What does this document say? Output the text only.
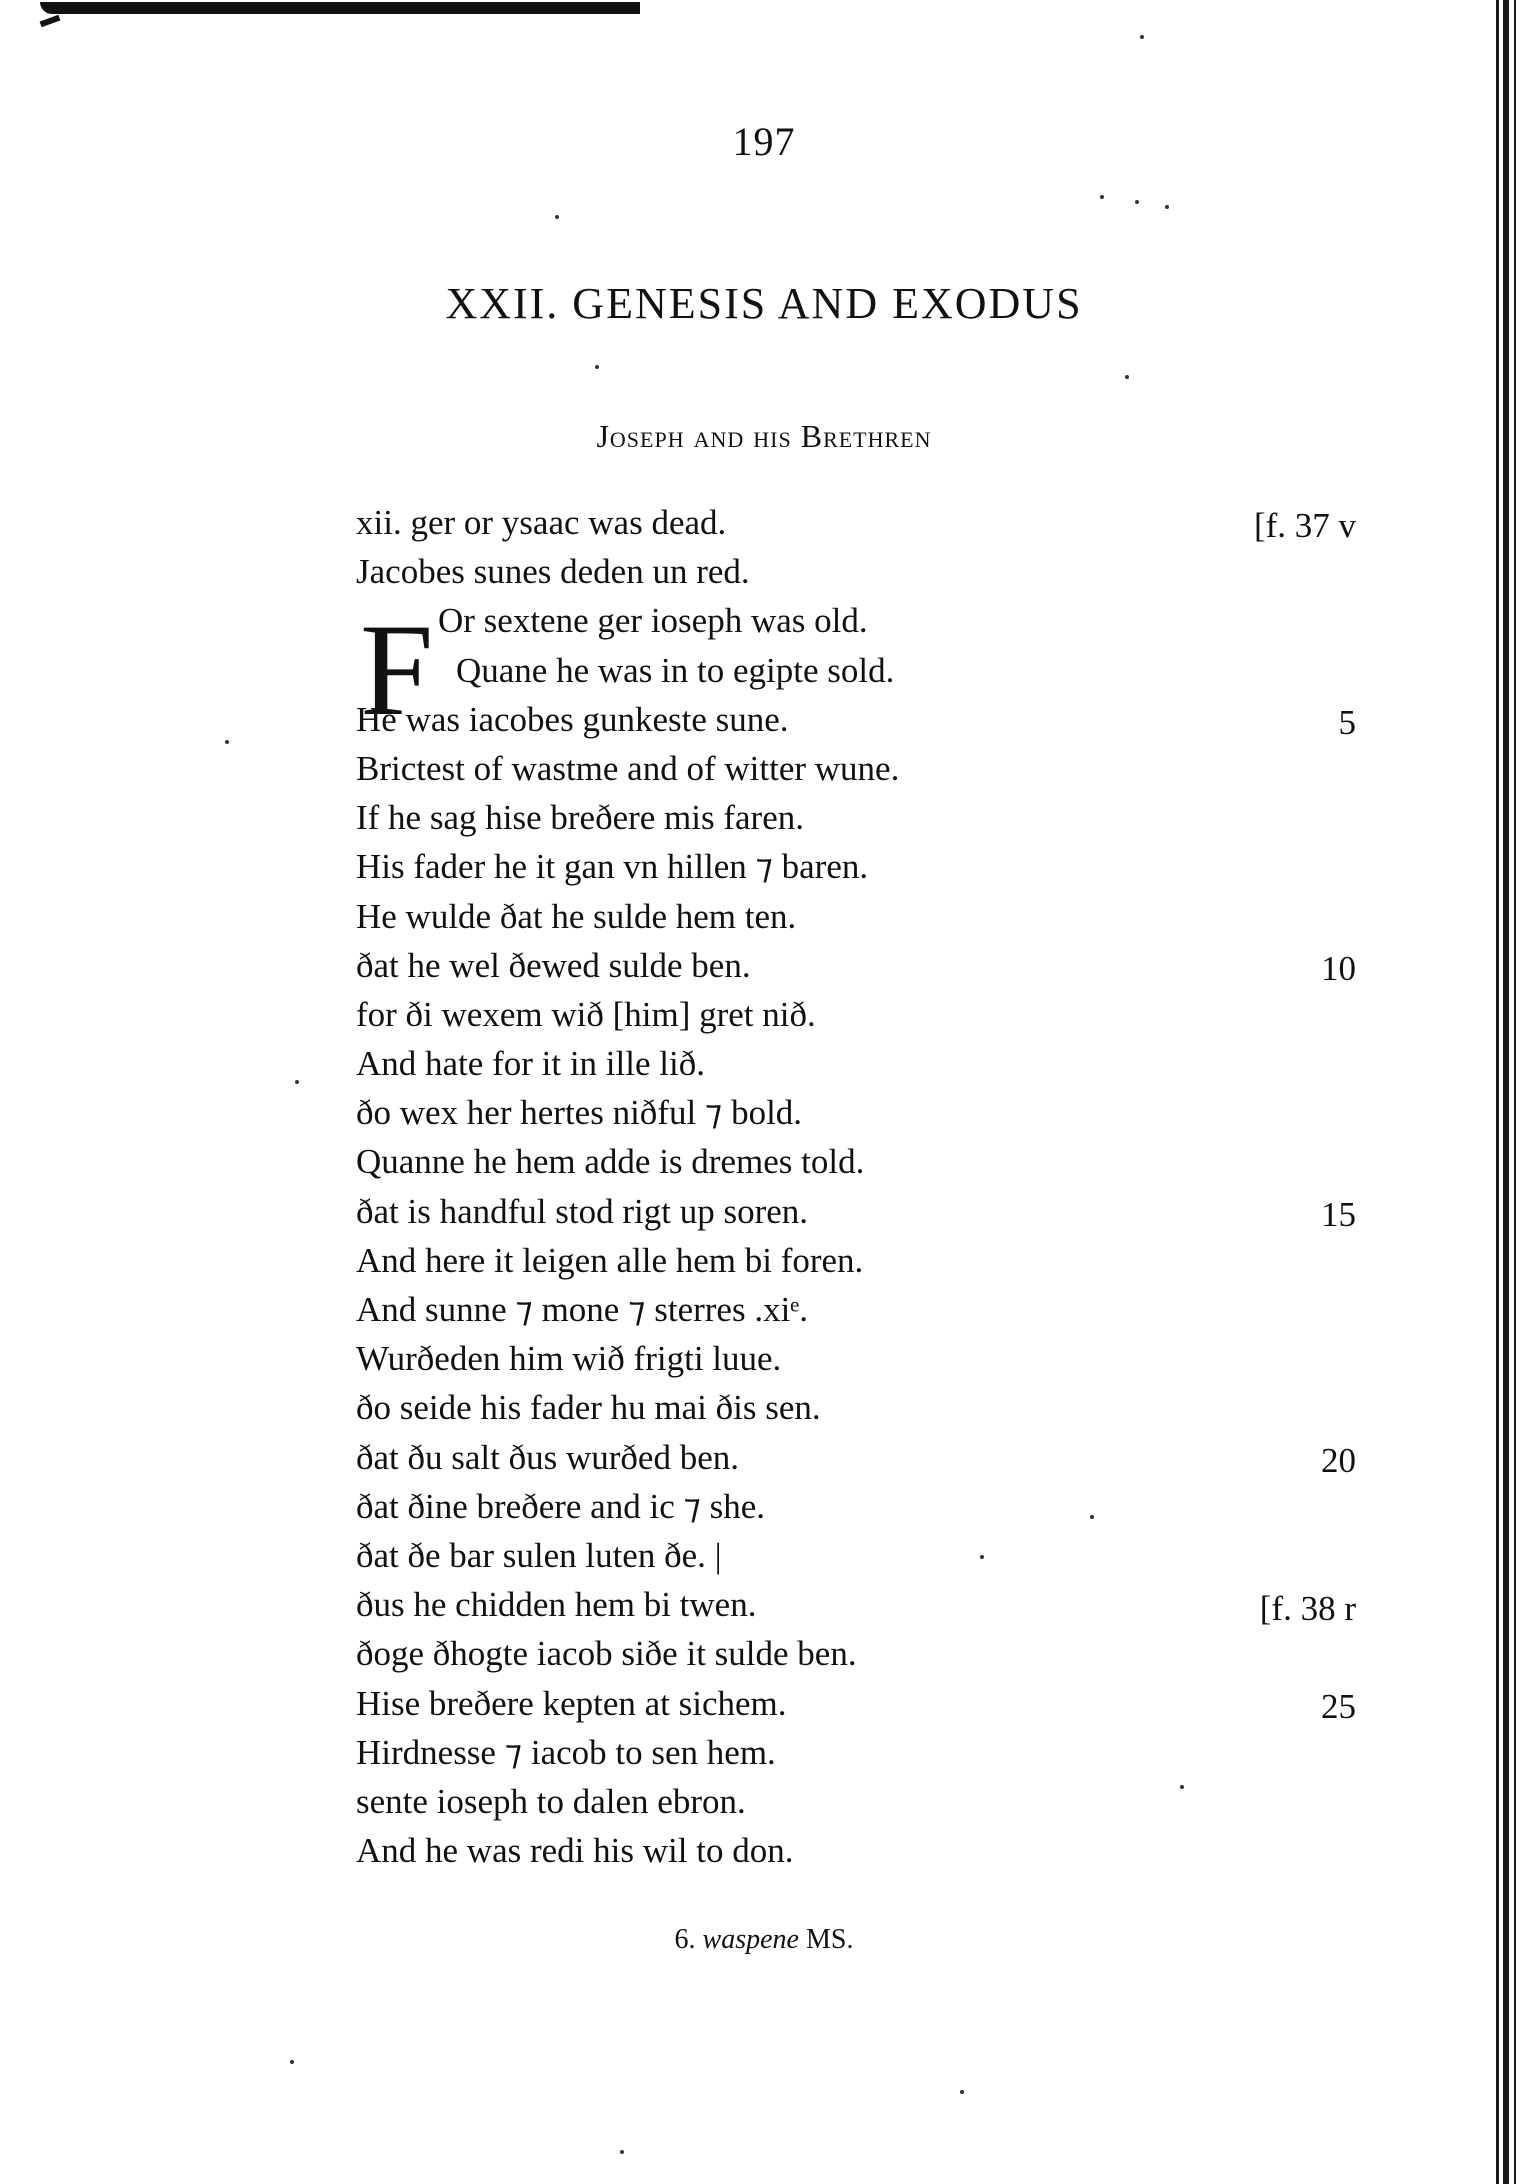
197
XXII. GENESIS AND EXODUS
Joseph and his Brethren
F
xii. ger or ysaac was dead.
Jacobes sunes deden un red.
Or sextene ger ioseph was old.
Quane he was in to egipte sold.
He was iacobes gunkeste sune.
Brictest of wastme and of witter wune.
If he sag hise breðere mis faren.
His fader he it gan vn hillen ⁊ baren.
He wulde ðat he sulde hem ten.
ðat he wel ðewed sulde ben.
for ði wexem wið [him] gret nið.
And hate for it in ille lið.
ðo wex her hertes niðful ⁊ bold.
Quanne he hem adde is dremes told.
ðat is handful stod rigt up soren.
And here it leigen alle hem bi foren.
And sunne ⁊ mone ⁊ sterres .xiᵉ.
Wurðeden him wið frigti luue.
ðo seide his fader hu mai ðis sen.
ðat ðu salt ðus wurðed ben.
ðat ðine breðere and ic ⁊ she.
ðat ðe bar sulen luten ðe. |
ðus he chidden hem bi twen.
ðoge ðhogte iacob siðe it sulde ben.
Hise breðere kepten at sichem.
Hirdnesse ⁊ iacob to sen hem.
sente ioseph to dalen ebron.
And he was redi his wil to don.
[f. 37 v
5
10
15
20
[f. 38 r
25
6. waspene MS.
